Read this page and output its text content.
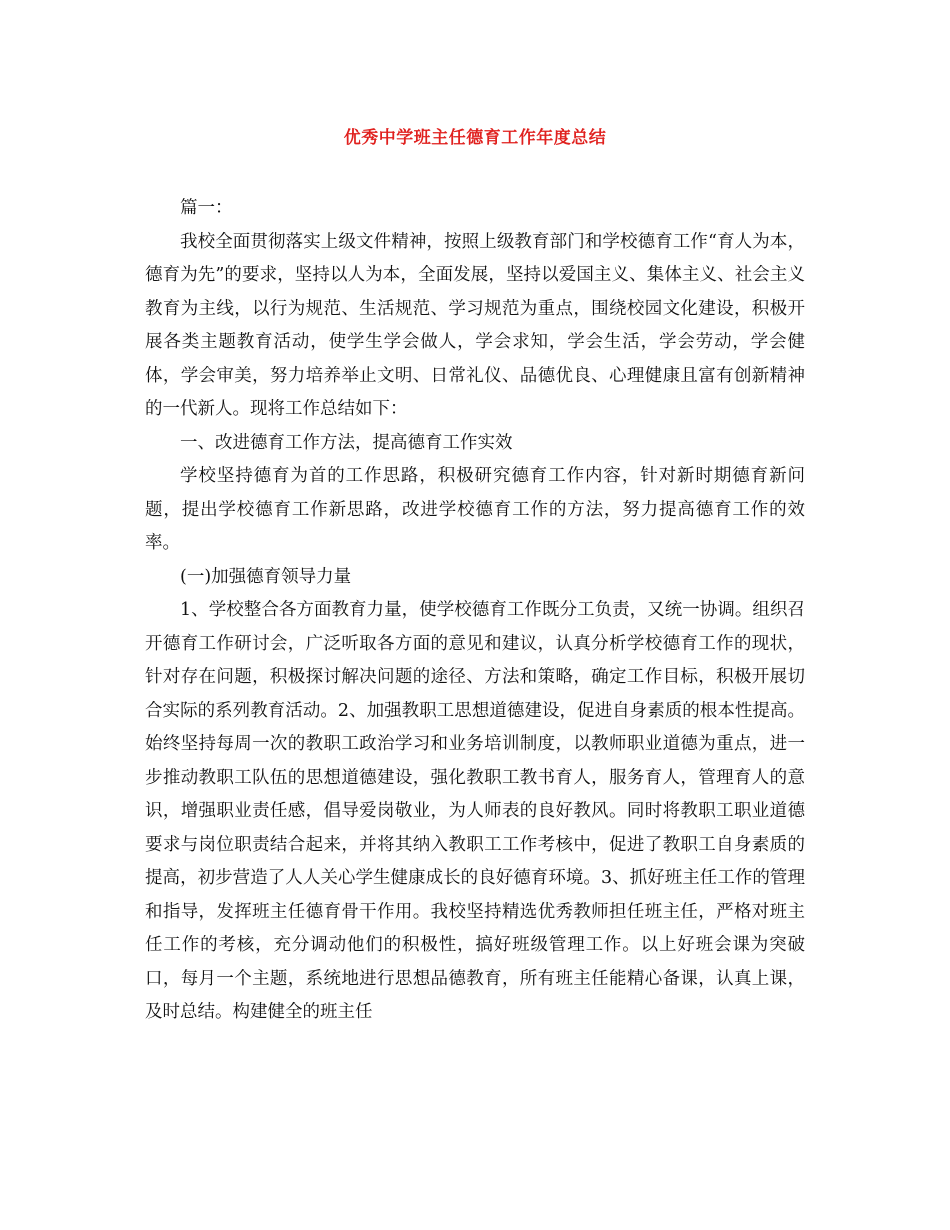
优秀中学班主任德育工作年度总结

篇一：

我校全面贯彻落实上级文件精神，按照上级教育部门和学校德育工作“育人为本，德育为先”的要求，坚持以人为本，全面发展，坚持以爱国主义、集体主义、社会主义教育为主线，以行为规范、生活规范、学习规范为重点，围绕校园文化建设，积极开展各类主题教育活动，使学生学会做人，学会求知，学会生活，学会劳动，学会健体，学会审美，努力培养举止文明、日常礼仪、品德优良、心理健康且富有创新精神的一代新人。现将工作总结如下：

一、改进德育工作方法，提高德育工作实效

学校坚持德育为首的工作思路，积极研究德育工作内容，针对新时期德育新问题，提出学校德育工作新思路，改进学校德育工作的方法，努力提高德育工作的效率。

(一)加强德育领导力量

1、学校整合各方面教育力量，使学校德育工作既分工负责，又统一协调。组织召开德育工作研讨会，广泛听取各方面的意见和建议，认真分析学校德育工作的现状，针对存在问题，积极探讨解决问题的途径、方法和策略，确定工作目标，积极开展切合实际的系列教育活动。2、加强教职工思想道德建设，促进自身素质的根本性提高。始终坚持每周一次的教职工政治学习和业务培训制度，以教师职业道德为重点，进一步推动教职工队伍的思想道德建设，强化教职工教书育人，服务育人，管理育人的意识，增强职业责任感，倡导爱岗敬业，为人师表的良好教风。同时将教职工职业道德要求与岗位职责结合起来，并将其纳入教职工工作考核中，促进了教职工自身素质的提高，初步营造了人人关心学生健康成长的良好德育环境。3、抓好班主任工作的管理和指导，发挥班主任德育骨干作用。我校坚持精选优秀教师担任班主任，严格对班主任工作的考核，充分调动他们的积极性，搞好班级管理工作。以上好班会课为突破口，每月一个主题，系统地进行思想品德教育，所有班主任能精心备课，认真上课，及时总结。构建健全的班主任
